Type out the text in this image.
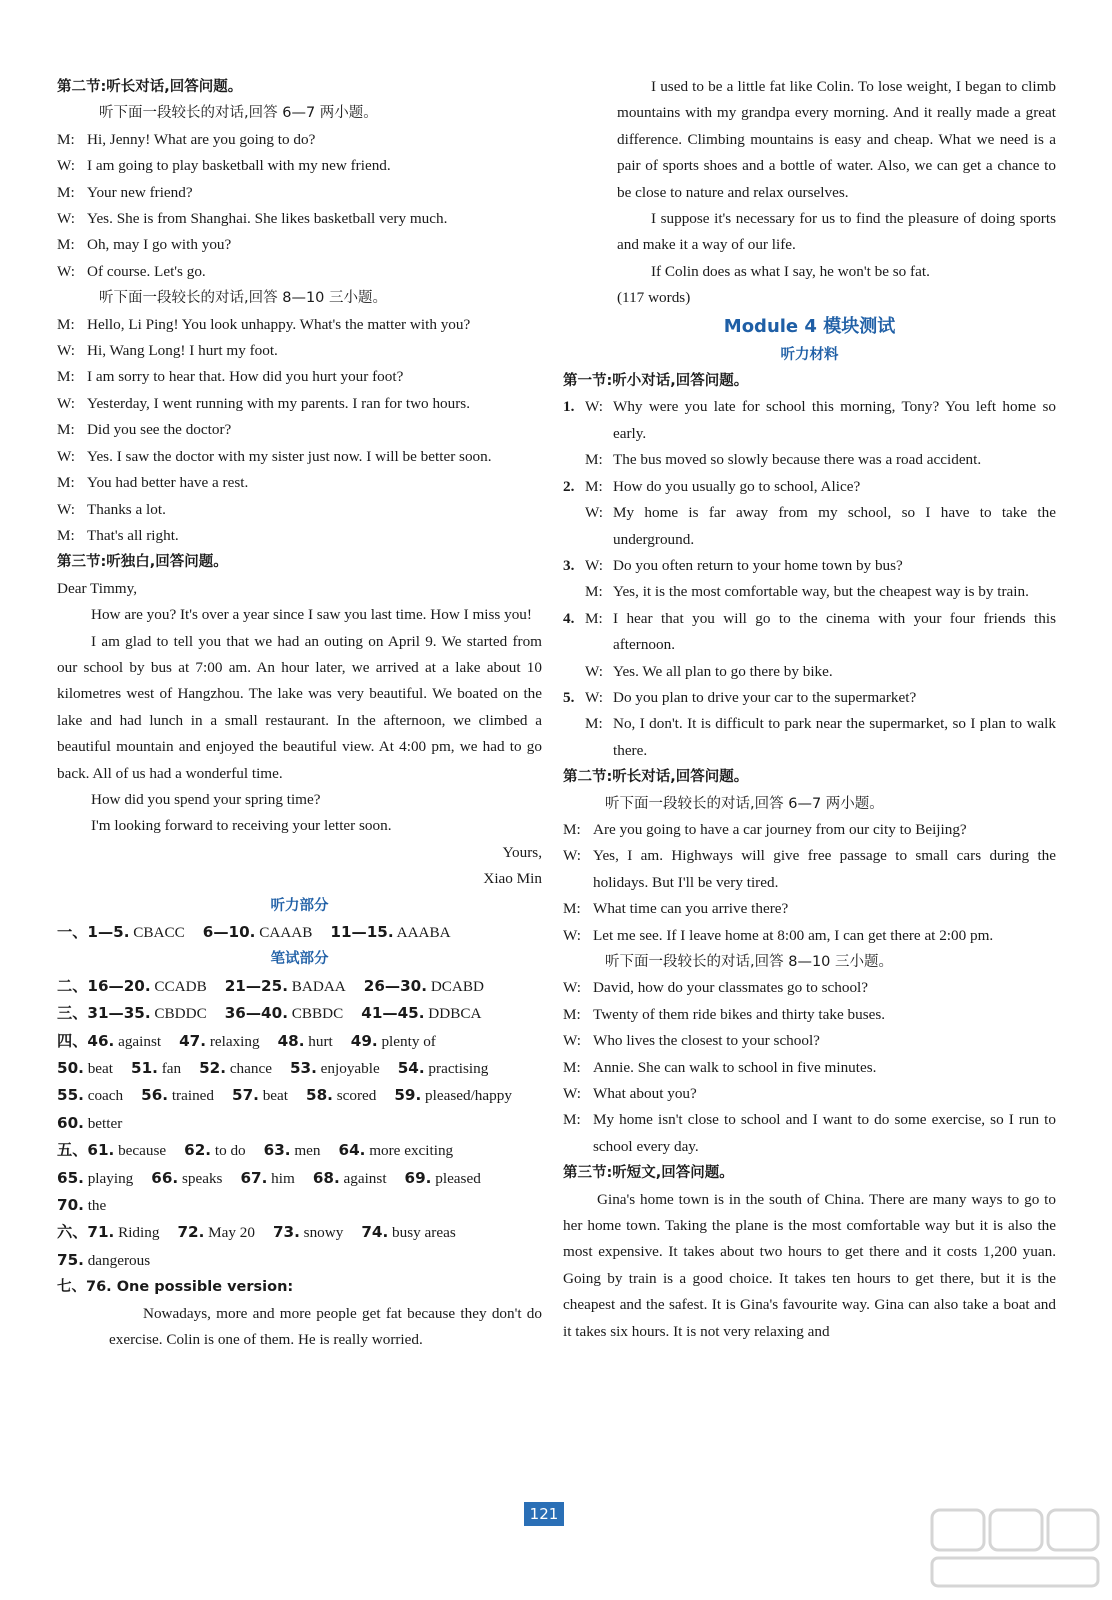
第二节:听长对话,回答问题。
听下面一段较长的对话,回答 6—7 两小题。
M: Hi, Jenny! What are you going to do?
W: I am going to play basketball with my new friend.
M: Your new friend?
W: Yes. She is from Shanghai. She likes basketball very much.
M: Oh, may I go with you?
W: Of course. Let's go.
听下面一段较长的对话,回答 8—10 三小题。
M: Hello, Li Ping! You look unhappy. What's the matter with you?
W: Hi, Wang Long! I hurt my foot.
M: I am sorry to hear that. How did you hurt your foot?
W: Yesterday, I went running with my parents. I ran for two hours.
M: Did you see the doctor?
W: Yes. I saw the doctor with my sister just now. I will be better soon.
M: You had better have a rest.
W: Thanks a lot.
M: That's all right.
第三节:听独白,回答问题。

Dear Timmy,

How are you? It's over a year since I saw you last time. How I miss you!

I am glad to tell you that we had an outing on April 9. We started from our school by bus at 7:00 am. An hour later, we arrived at a lake about 10 kilometres west of Hangzhou. The lake was very beautiful. We boated on the lake and had lunch in a small restaurant. In the afternoon, we climbed a beautiful mountain and enjoyed the beautiful view. At 4:00 pm, we had to go back. All of us had a wonderful time.

How did you spend your spring time?

I'm looking forward to receiving your letter soon.

Yours,

Xiao Min

听力部分

一、1—5. CBACC 6—10. CAAAB 11—15. AAABA

笔试部分

二、16—20. CCADB 21—25. BADAA 26—30. DCABD

三、31—35. CBDDC 36—40. CBBDC 41—45. DDBCA

四、46. against 47. relaxing 48. hurt 49. plenty of

50. beat 51. fan 52. chance 53. enjoyable 54. practising

55. coach 56. trained 57. beat 58. scored 59. pleased/happy

60. better

五、61. because 62. to do 63. men 64. more exciting

65. playing 66. speaks 67. him 68. against 69. pleased

70. the

六、71. Riding 72. May 20 73. snowy 74. busy areas

75. dangerous

七、76. One possible version:

Nowadays, more and more people get fat because they don't do exercise. Colin is one of them. He is really worried.

I used to be a little fat like Colin. To lose weight, I began to climb mountains with my grandpa every morning. And it really made a great difference. Climbing mountains is easy and cheap. What we need is a pair of sports shoes and a bottle of water. Also, we can get a chance to be close to nature and relax ourselves.

I suppose it's necessary for us to find the pleasure of doing sports and make it a way of our life.

If Colin does as what I say, he won't be so fat.

(117 words)

Module 4 模块测试

听力材料

第一节:听小对话,回答问题。
1. W: Why were you late for school this morning, Tony? You left home so early.
M: The bus moved so slowly because there was a road accident.
2. M: How do you usually go to school, Alice?
W: My home is far away from my school, so I have to take the underground.
3. W: Do you often return to your home town by bus?
M: Yes, it is the most comfortable way, but the cheapest way is by train.
4. M: I hear that you will go to the cinema with your four friends this afternoon.
W: Yes. We all plan to go there by bike.
5. W: Do you plan to drive your car to the supermarket?
M: No, I don't. It is difficult to park near the supermarket, so I plan to walk there.
第二节:听长对话,回答问题。
听下面一段较长的对话,回答 6—7 两小题。
M: Are you going to have a car journey from our city to Beijing?
W: Yes, I am. Highways will give free passage to small cars during the holidays. But I'll be very tired.
M: What time can you arrive there?
W: Let me see. If I leave home at 8:00 am, I can get there at 2:00 pm.
听下面一段较长的对话,回答 8—10 三小题。
W: David, how do your classmates go to school?
M: Twenty of them ride bikes and thirty take buses.
W: Who lives the closest to your school?
M: Annie. She can walk to school in five minutes.
W: What about you?
M: My home isn't close to school and I want to do some exercise, so I run to school every day.
第三节:听短文,回答问题。

Gina's home town is in the south of China. There are many ways to go to her home town. Taking the plane is the most comfortable way but it is also the most expensive. It takes about two hours to get there and it costs 1,200 yuan. Going by train is a good choice. It takes ten hours to get there, but it is the cheapest and the safest. It is Gina's favourite way. Gina can also take a boat and it takes six hours. It is not very relaxing and

121
